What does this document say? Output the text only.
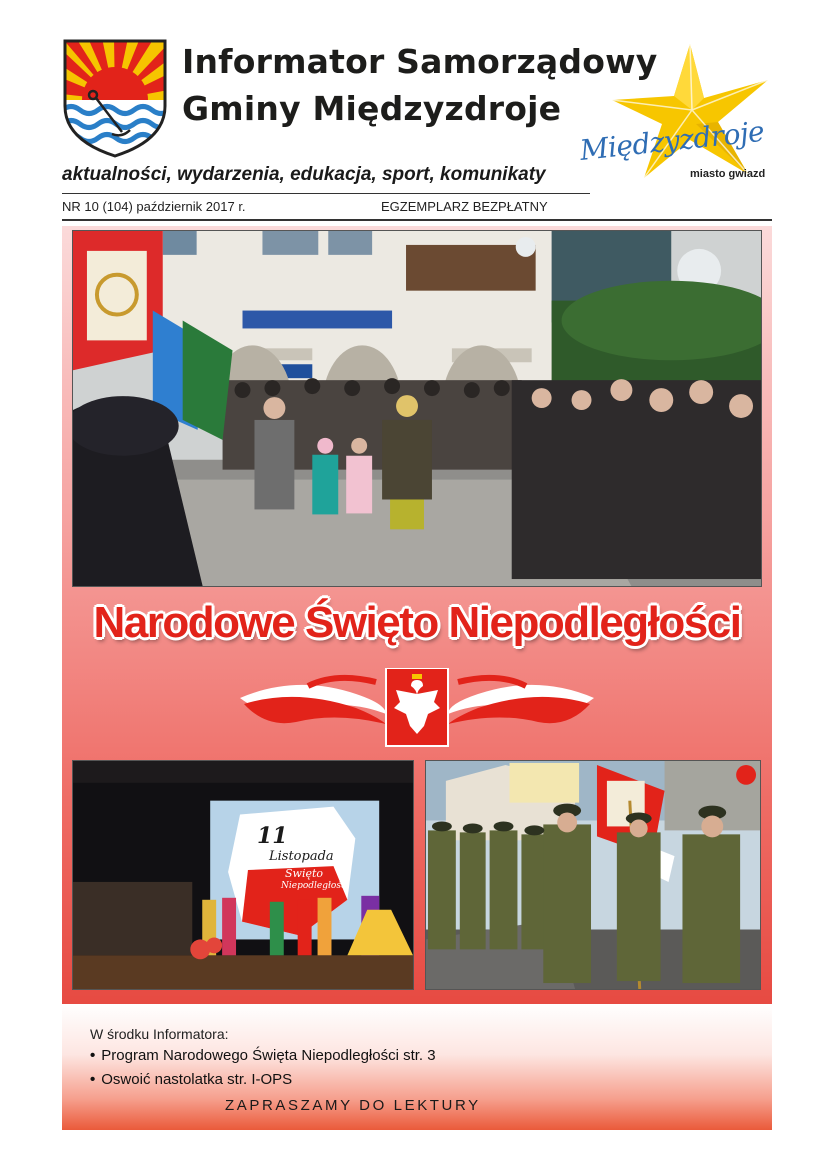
Informator Samorządowy
Gminy Międzyzdroje
Międzyzdroje
miasto gwiazd
aktualności, wydarzenia, edukacja, sport, komunikaty
NR 10 (104) październik 2017 r.	EGZEMPLARZ BEZPŁATNY
Narodowe Święto Niepodległości
11
Listopada
Święto
Niepodległości
W środku Informatora:
• Program Narodowego Święta Niepodległości str. 3
• Oswoić nastolatka str. I-OPS
ZAPRASZAMY DO LEKTURY
